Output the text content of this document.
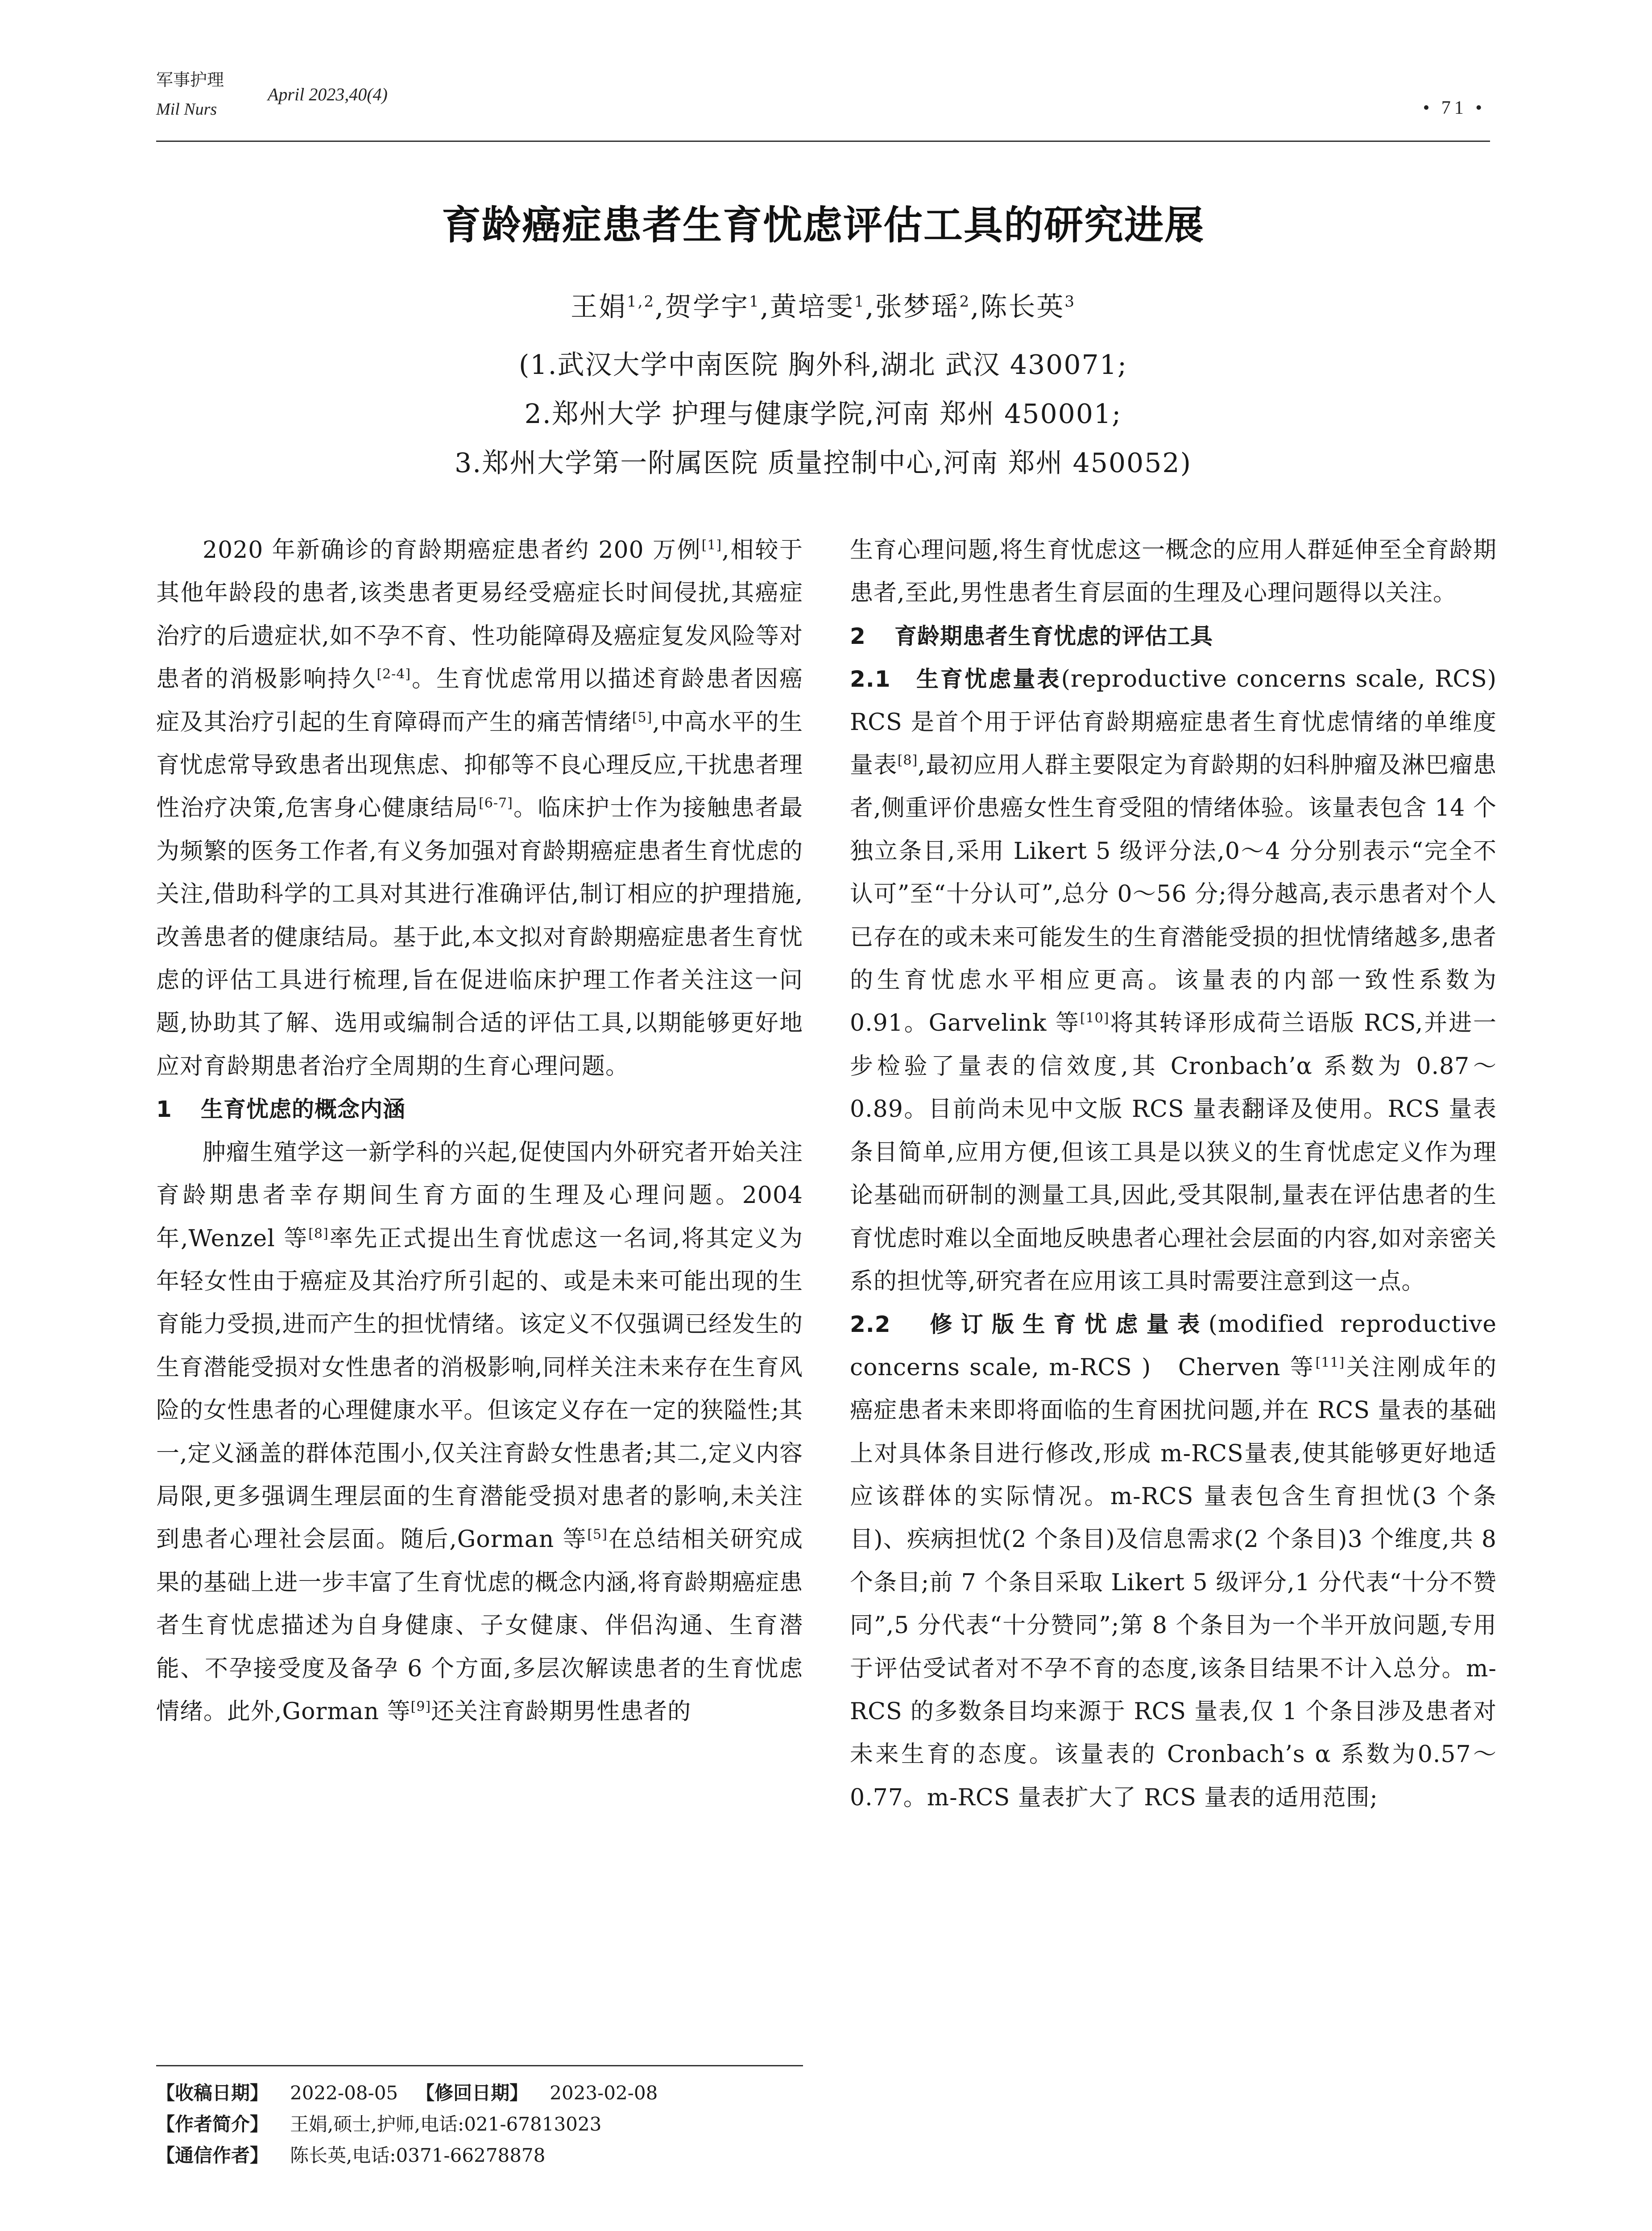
军事护理
Mil Nurs
April 2023,40(4)
• 71 •
育龄癌症患者生育忧虑评估工具的研究进展
王娟$^{1,2}$,贺学宇$^1$,黄培雯$^1$,张梦瑶$^2$,陈长英$^3$
(1.武汉大学中南医院 胸外科,湖北 武汉 430071;
2.郑州大学 护理与健康学院,河南 郑州 450001;
3.郑州大学第一附属医院 质量控制中心,河南 郑州 450052)

2020 年新确诊的育龄期癌症患者约 200 万例[1],相较于其他年龄段的患者,该类患者更易经受癌症长时间侵扰,其癌症治疗的后遗症状,如不孕不育、性功能障碍及癌症复发风险等对患者的消极影响持久[2-4]。生育忧虑常用以描述育龄患者因癌症及其治疗引起的生育障碍而产生的痛苦情绪[5],中高水平的生育忧虑常导致患者出现焦虑、抑郁等不良心理反应,干扰患者理性治疗决策,危害身心健康结局[6-7]。临床护士作为接触患者最为频繁的医务工作者,有义务加强对育龄期癌症患者生育忧虑的关注,借助科学的工具对其进行准确评估,制订相应的护理措施,改善患者的健康结局。基于此,本文拟对育龄期癌症患者生育忧虑的评估工具进行梳理,旨在促进临床护理工作者关注这一问题,协助其了解、选用或编制合适的评估工具,以期能够更好地应对育龄期患者治疗全周期的生育心理问题。

1 生育忧虑的概念内涵

肿瘤生殖学这一新学科的兴起,促使国内外研究者开始关注育龄期患者幸存期间生育方面的生理及心理问题。2004 年,Wenzel 等[8]率先正式提出生育忧虑这一名词,将其定义为年轻女性由于癌症及其治疗所引起的、或是未来可能出现的生育能力受损,进而产生的担忧情绪。该定义不仅强调已经发生的生育潜能受损对女性患者的消极影响,同样关注未来存在生育风险的女性患者的心理健康水平。但该定义存在一定的狭隘性;其一,定义涵盖的群体范围小,仅关注育龄女性患者;其二,定义内容局限,更多强调生理层面的生育潜能受损对患者的影响,未关注到患者心理社会层面。随后,Gorman 等[5]在总结相关研究成果的基础上进一步丰富了生育忧虑的概念内涵,将育龄期癌症患者生育忧虑描述为自身健康、子女健康、伴侣沟通、生育潜能、不孕接受度及备孕 6 个方面,多层次解读患者的生育忧虑情绪。此外,Gorman 等[9]还关注育龄期男性患者的

生育心理问题,将生育忧虑这一概念的应用人群延伸至全育龄期患者,至此,男性患者生育层面的生理及心理问题得以关注。

2 育龄期患者生育忧虑的评估工具

2.1　生育忧虑量表(reproductive concerns scale, RCS)　RCS 是首个用于评估育龄期癌症患者生育忧虑情绪的单维度量表[8],最初应用人群主要限定为育龄期的妇科肿瘤及淋巴瘤患者,侧重评价患癌女性生育受阻的情绪体验。该量表包含 14 个独立条目,采用 Likert 5 级评分法,0～4 分分别表示“完全不认可”至“十分认可”,总分 0～56 分;得分越高,表示患者对个人已存在的或未来可能发生的生育潜能受损的担忧情绪越多,患者的生育忧虑水平相应更高。该量表的内部一致性系数为 0.91。Garvelink 等[10]将其转译形成荷兰语版 RCS,并进一步检验了量表的信效度,其 Cronbach’α 系数为 0.87～0.89。目前尚未见中文版 RCS 量表翻译及使用。RCS 量表条目简单,应用方便,但该工具是以狭义的生育忧虑定义作为理论基础而研制的测量工具,因此,受其限制,量表在评估患者的生育忧虑时难以全面地反映患者心理社会层面的内容,如对亲密关系的担忧等,研究者在应用该工具时需要注意到这一点。

2.2　修订版生育忧虑量表(modified reproductive concerns scale, m-RCS )　Cherven 等[11]关注刚成年的癌症患者未来即将面临的生育困扰问题,并在 RCS 量表的基础上对具体条目进行修改,形成 m-RCS量表,使其能够更好地适应该群体的实际情况。m-RCS 量表包含生育担忧(3 个条目)、疾病担忧(2 个条目)及信息需求(2 个条目)3 个维度,共 8 个条目;前 7 个条目采取 Likert 5 级评分,1 分代表“十分不赞同”,5 分代表“十分赞同”;第 8 个条目为一个半开放问题,专用于评估受试者对不孕不育的态度,该条目结果不计入总分。m-RCS 的多数条目均来源于 RCS 量表,仅 1 个条目涉及患者对未来生育的态度。该量表的 Cronbach’s α 系数为0.57～0.77。m-RCS 量表扩大了 RCS 量表的适用范围;

【收稿日期】 2022-08-05 【修回日期】 2023-02-08
【作者简介】 王娟,硕士,护师,电话:021-67813023
【通信作者】 陈长英,电话:0371-66278878
